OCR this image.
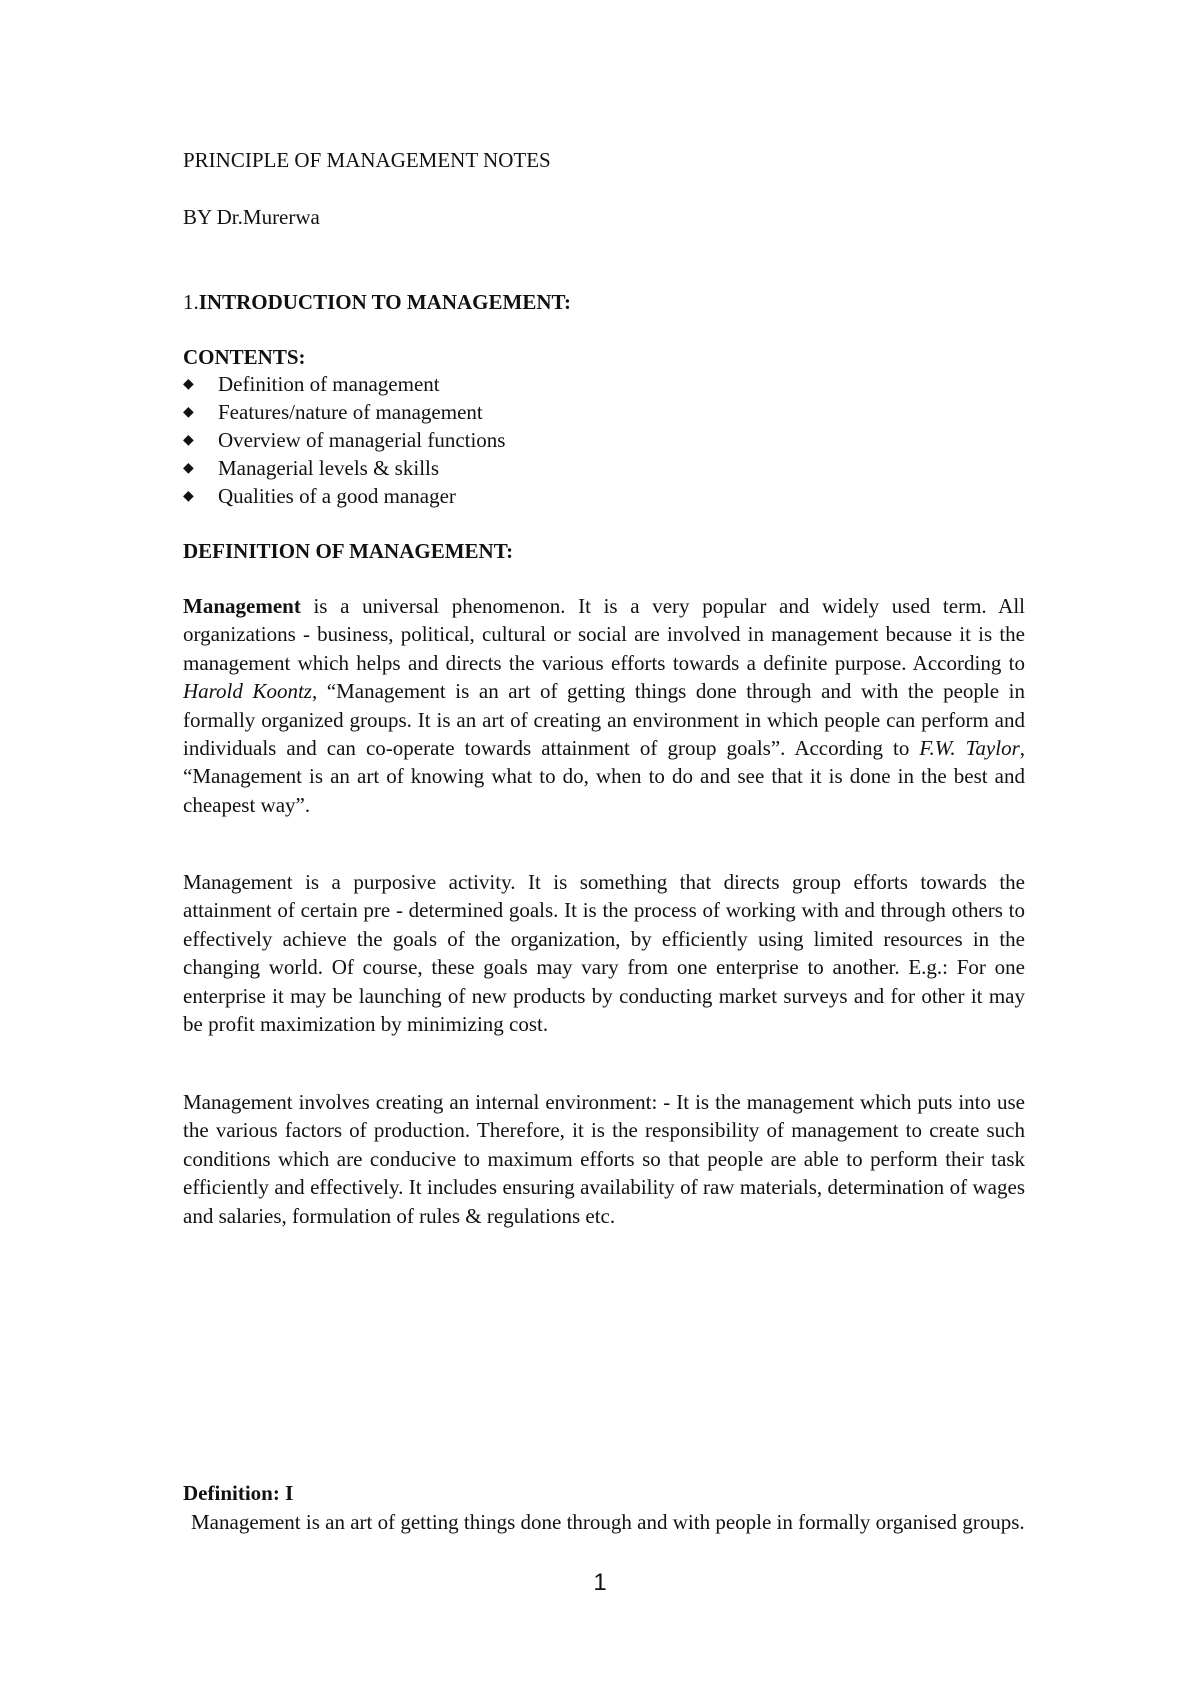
PRINCIPLE OF MANAGEMENT NOTES

BY Dr.Murerwa

1.INTRODUCTION TO MANAGEMENT:

CONTENTS:

◆ Definition of management
◆ Features/nature of management
◆ Overview of managerial functions
◆ Managerial levels & skills
◆ Qualities of a good manager

DEFINITION OF MANAGEMENT:

Management is a universal phenomenon. It is a very popular and widely used term. All organizations - business, political, cultural or social are involved in management because it is the management which helps and directs the various efforts towards a definite purpose. According to Harold Koontz, “Management is an art of getting things done through and with the people in formally organized groups. It is an art of creating an environment in which people can perform and individuals and can co-operate towards attainment of group goals”. According to F.W. Taylor, “Management is an art of knowing what to do, when to do and see that it is done in the best and cheapest way”.

Management is a purposive activity. It is something that directs group efforts towards the attainment of certain pre - determined goals. It is the process of working with and through others to effectively achieve the goals of the organization, by efficiently using limited resources in the changing world. Of course, these goals may vary from one enterprise to another. E.g.: For one enterprise it may be launching of new products by conducting market surveys and for other it may be profit maximization by minimizing cost.

Management involves creating an internal environment: - It is the management which puts into use the various factors of production. Therefore, it is the responsibility of management to create such conditions which are conducive to maximum efforts so that people are able to perform their task efficiently and effectively. It includes ensuring availability of raw materials, determination of wages and salaries, formulation of rules & regulations etc.

Definition: I

Management is an art of getting things done through and with people in formally organised groups.

1
